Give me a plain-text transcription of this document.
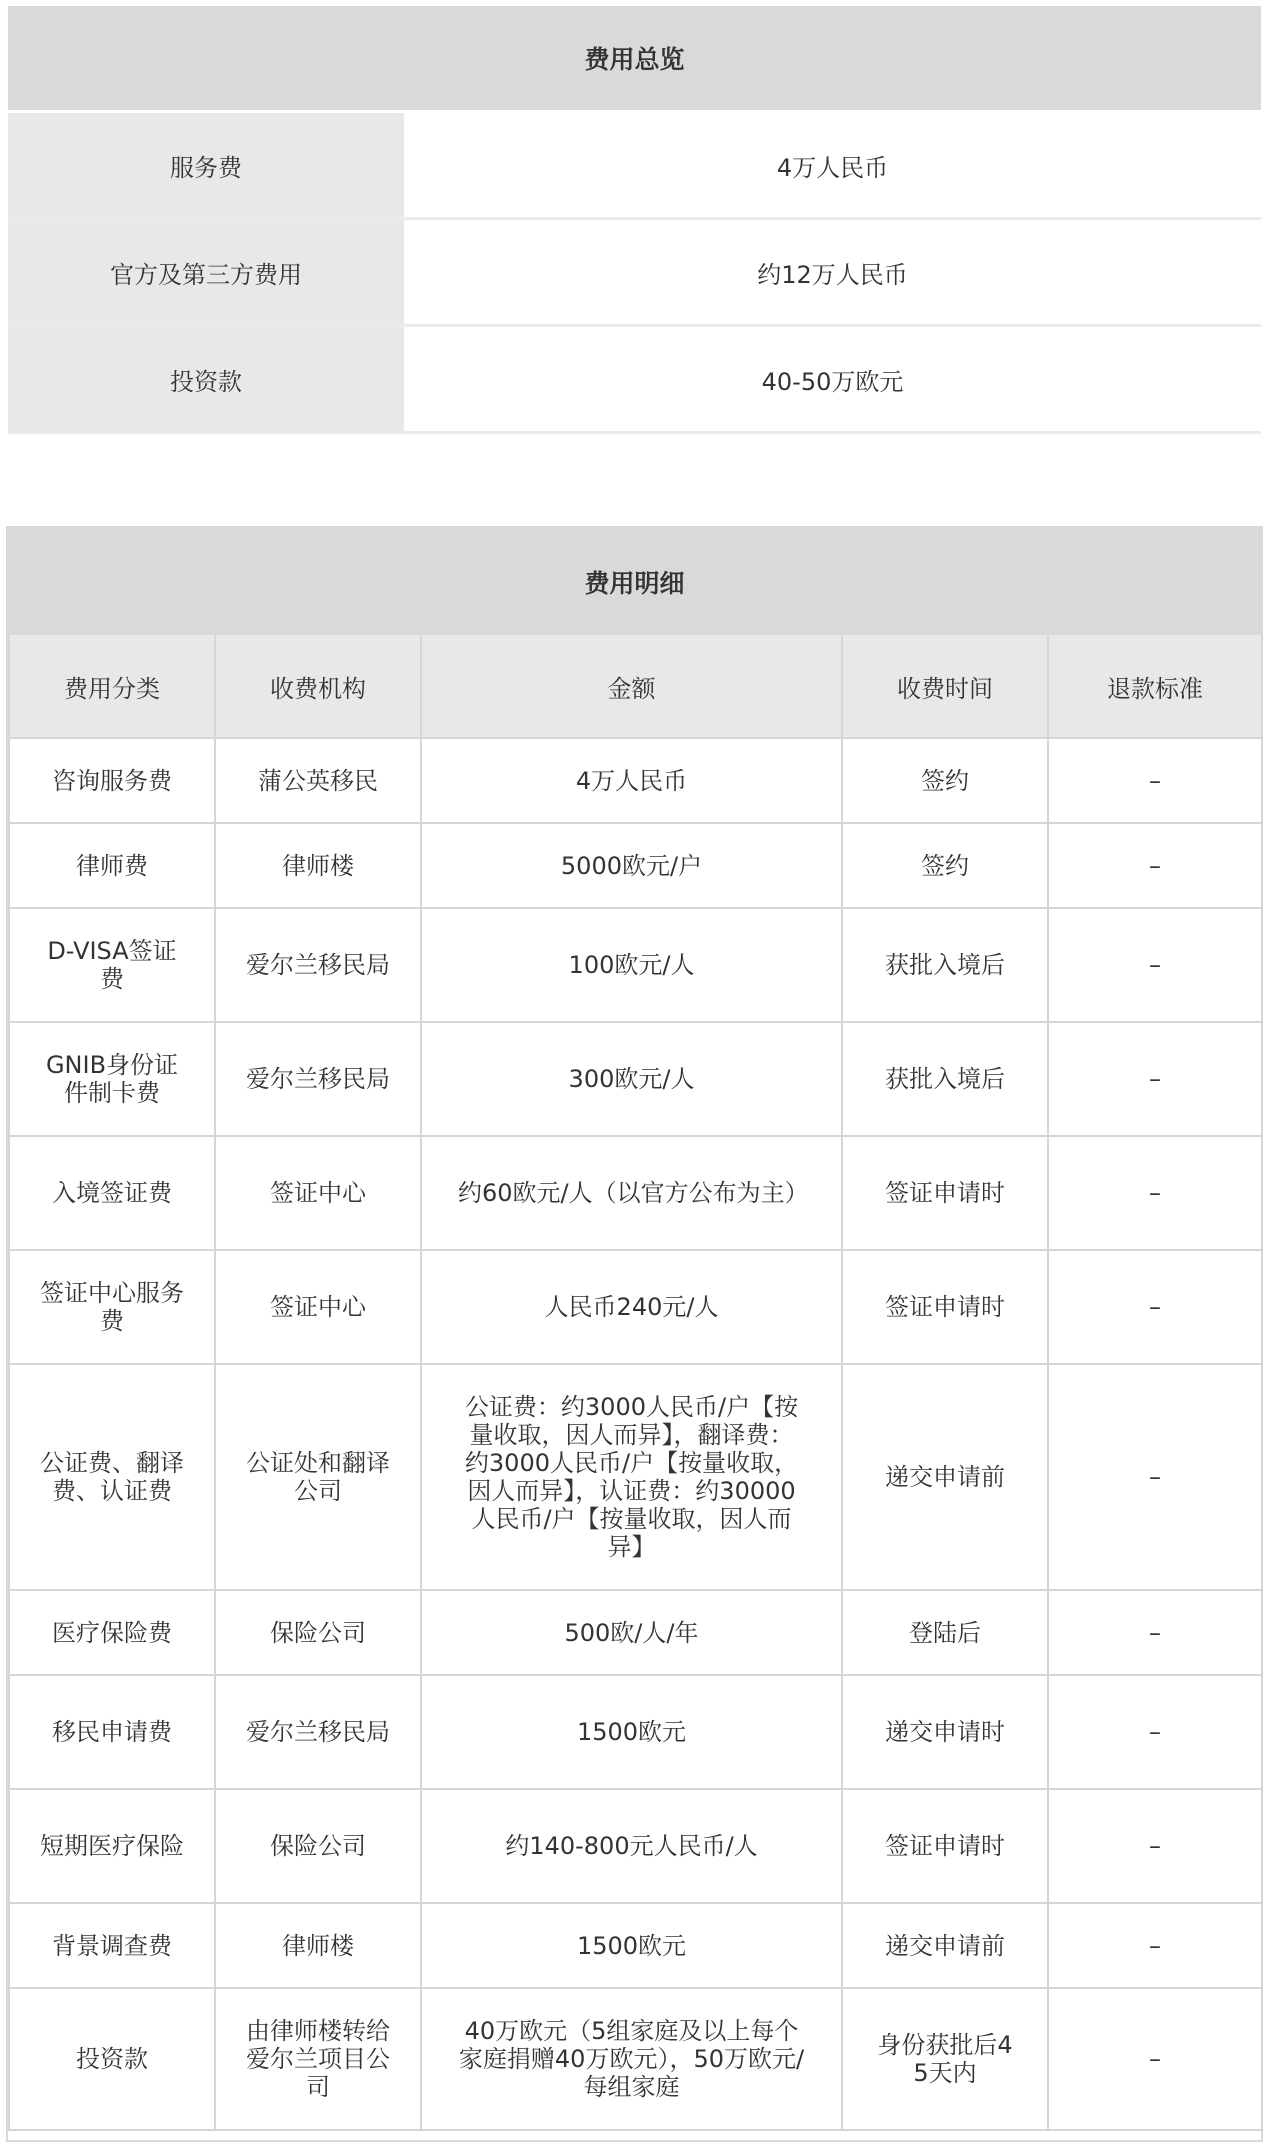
费用总览
服务费	4万人民币
官方及第三方费用	约12万人民币
投资款	40-50万欧元
费用明细
费用分类	收费机构	金额	收费时间	退款标准
咨询服务费	蒲公英移民	4万人民币	签约	–
律师费	律师楼	5000欧元/户	签约	–
D-VISA签证费	爱尔兰移民局	100欧元/人	获批入境后	–
GNIB身份证件制卡费	爱尔兰移民局	300欧元/人	获批入境后	–
入境签证费	签证中心	约60欧元/人（以官方公布为主）	签证申请时	–
签证中心服务费	签证中心	人民币240元/人	签证申请时	–
公证费、翻译费、认证费	公证处和翻译公司	公证费：约3000人民币/户【按量收取，因人而异】，翻译费：约3000人民币/户【按量收取，因人而异】，认证费：约30000人民币/户【按量收取，因人而异】	递交申请前	–
医疗保险费	保险公司	500欧/人/年	登陆后	–
移民申请费	爱尔兰移民局	1500欧元	递交申请时	–
短期医疗保险	保险公司	约140-800元人民币/人	签证申请时	–
背景调查费	律师楼	1500欧元	递交申请前	–
投资款	由律师楼转给爱尔兰项目公司	40万欧元（5组家庭及以上每个家庭捐赠40万欧元），50万欧元/每组家庭	身份获批后45天内	–
